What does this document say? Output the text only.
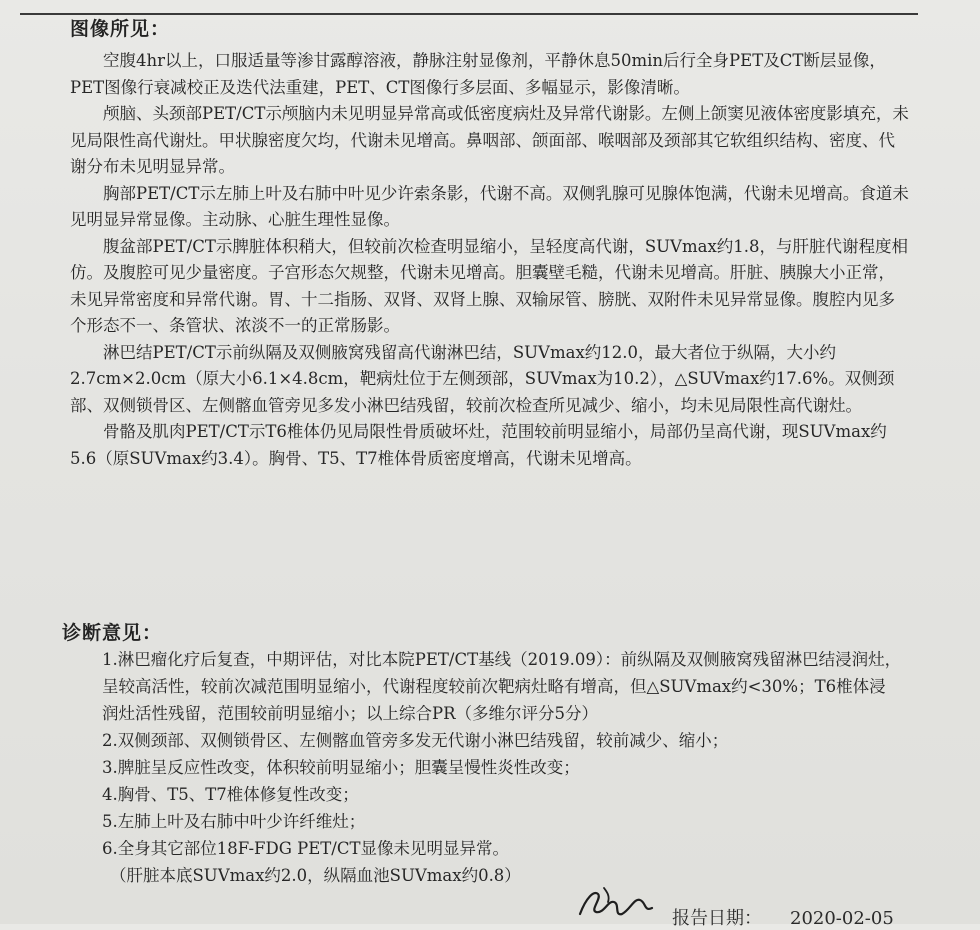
图像所见：

空腹4hr以上，口服适量等渗甘露醇溶液，静脉注射显像剂，平静休息50min后行全身PET及CT断层显像，PET图像行衰减校正及迭代法重建，PET、CT图像行多层面、多幅显示，影像清晰。

颅脑、头颈部PET/CT示颅脑内未见明显异常高或低密度病灶及异常代谢影。左侧上颌窦见液体密度影填充，未见局限性高代谢灶。甲状腺密度欠均，代谢未见增高。鼻咽部、颌面部、喉咽部及颈部其它软组织结构、密度、代谢分布未见明显异常。

胸部PET/CT示左肺上叶及右肺中叶见少许索条影，代谢不高。双侧乳腺可见腺体饱满，代谢未见增高。食道未见明显异常显像。主动脉、心脏生理性显像。

腹盆部PET/CT示脾脏体积稍大，但较前次检查明显缩小，呈轻度高代谢，SUVmax约1.8，与肝脏代谢程度相仿。及腹腔可见少量密度。子宫形态欠规整，代谢未见增高。胆囊壁毛糙，代谢未见增高。肝脏、胰腺大小正常，未见异常密度和异常代谢。胃、十二指肠、双肾、双肾上腺、双输尿管、膀胱、双附件未见异常显像。腹腔内见多个形态不一、条管状、浓淡不一的正常肠影。

淋巴结PET/CT示前纵隔及双侧腋窝残留高代谢淋巴结，SUVmax约12.0，最大者位于纵隔，大小约2.7cm×2.0cm（原大小6.1×4.8cm，靶病灶位于左侧颈部，SUVmax为10.2），△SUVmax约17.6%。双侧颈部、双侧锁骨区、左侧髂血管旁见多发小淋巴结残留，较前次检查所见减少、缩小，均未见局限性高代谢灶。

骨骼及肌肉PET/CT示T6椎体仍见局限性骨质破坏灶，范围较前明显缩小，局部仍呈高代谢，现SUVmax约5.6（原SUVmax约3.4）。胸骨、T5、T7椎体骨质密度增高，代谢未见增高。

诊断意见：

1.淋巴瘤化疗后复查，中期评估，对比本院PET/CT基线（2019.09）：前纵隔及双侧腋窝残留淋巴结浸润灶，呈较高活性，较前次减范围明显缩小，代谢程度较前次靶病灶略有增高，但△SUVmax约<30%；T6椎体浸润灶活性残留，范围较前明显缩小；以上综合PR（多维尔评分5分）

2.双侧颈部、双侧锁骨区、左侧髂血管旁多发无代谢小淋巴结残留，较前减少、缩小；

3.脾脏呈反应性改变，体积较前明显缩小；胆囊呈慢性炎性改变；

4.胸骨、T5、T7椎体修复性改变；

5.左肺上叶及右肺中叶少许纤维灶；

6.全身其它部位18F-FDG PET/CT显像未见明显异常。

（肝脏本底SUVmax约2.0，纵隔血池SUVmax约0.8）

报告日期： 2020-02-05
